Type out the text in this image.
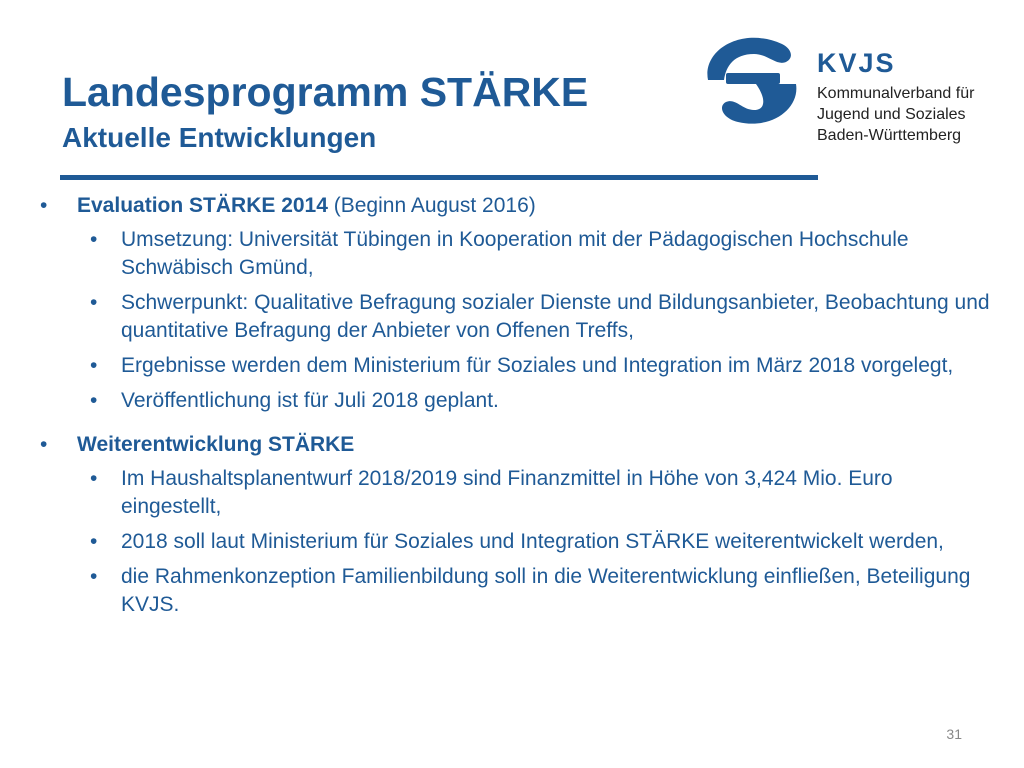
Landesprogramm STÄRKE
Aktuelle Entwicklungen
KVJS
Kommunalverband für
Jugend und Soziales
Baden-Württemberg
• Evaluation STÄRKE 2014 (Beginn August 2016)
• Umsetzung: Universität Tübingen in Kooperation mit der Pädagogischen Hochschule Schwäbisch Gmünd,
• Schwerpunkt: Qualitative Befragung sozialer Dienste und Bildungsanbieter, Beobachtung und quantitative Befragung der Anbieter von Offenen Treffs,
• Ergebnisse werden dem Ministerium für Soziales und Integration im März 2018 vorgelegt,
• Veröffentlichung ist für Juli 2018 geplant.
• Weiterentwicklung STÄRKE
• Im Haushaltsplanentwurf 2018/2019 sind Finanzmittel in Höhe von 3,424 Mio. Euro eingestellt,
• 2018 soll laut Ministerium für Soziales und Integration STÄRKE weiterentwickelt werden,
• die Rahmenkonzeption Familienbildung soll in die Weiterentwicklung einfließen, Beteiligung KVJS.
31
